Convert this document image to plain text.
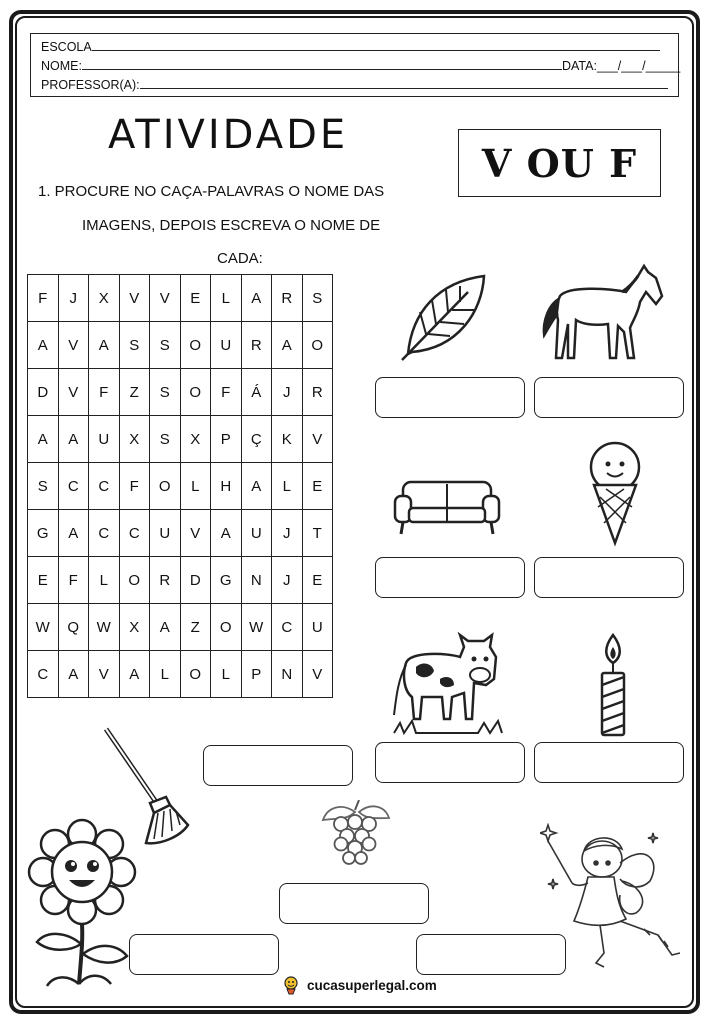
ESCOLA
NOME:	DATA:___/___/_____
PROFESSOR(A):
ATIVIDADE
V OU F
1. PROCURE NO CAÇA-PALAVRAS O NOME DAS
IMAGENS, DEPOIS ESCREVA O NOME DE
CADA:
F	J	X	V	V	E	L	A	R	S
A	V	A	S	S	O	U	R	A	O
D	V	F	Z	S	O	F	Á	J	R
A	A	U	X	S	X	P	Ç	K	V
S	C	C	F	O	L	H	A	L	E
G	A	C	C	U	V	A	U	J	T
E	F	L	O	R	D	G	N	J	E
W	Q	W	X	A	Z	O	W	C	U
C	A	V	A	L	O	L	P	N	V
cucasuperlegal.com
